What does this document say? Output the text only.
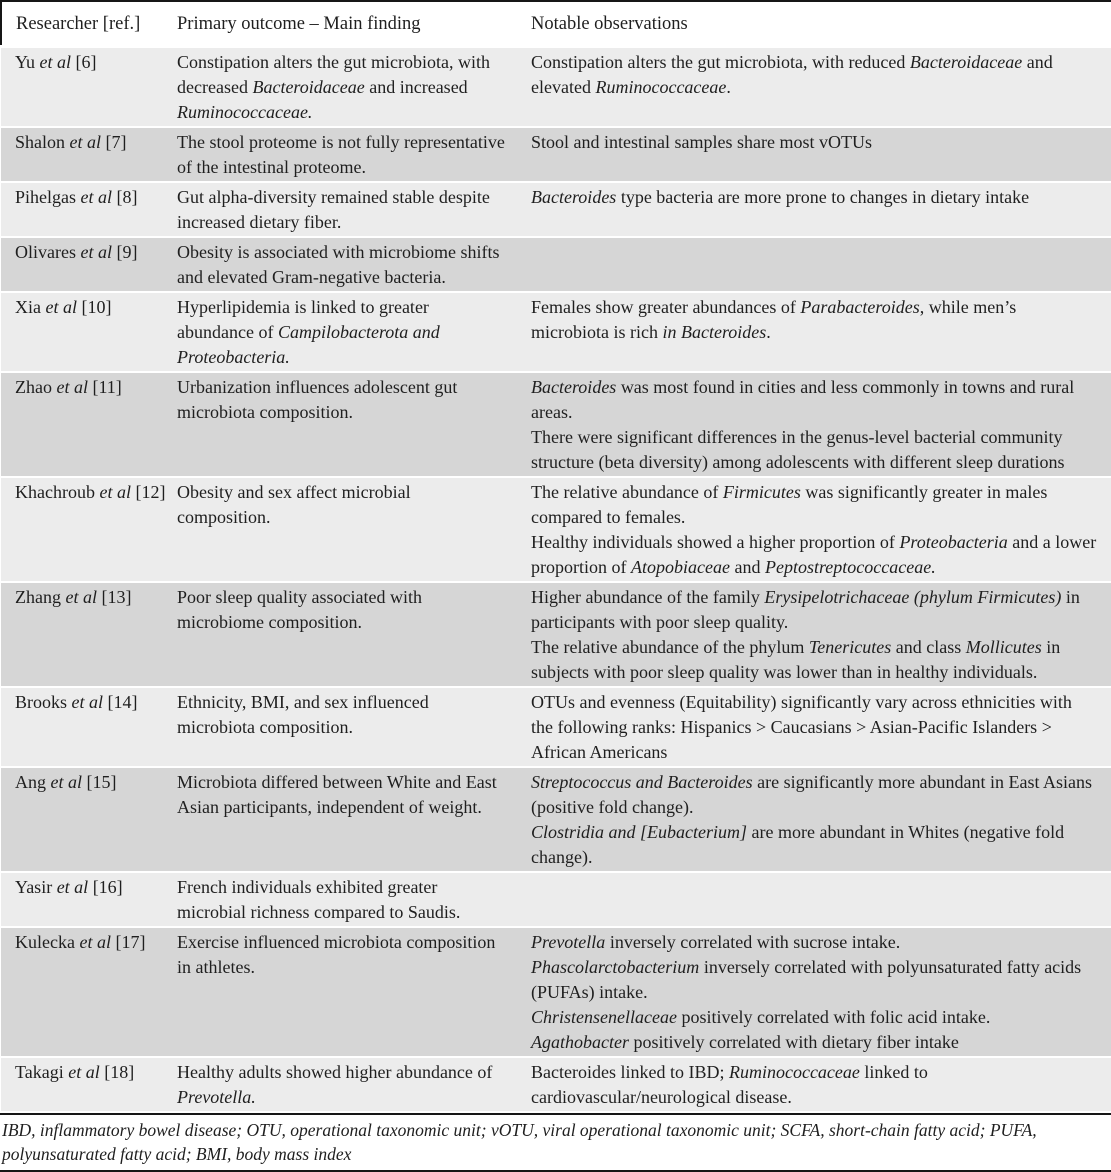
Researcher [ref.]	Primary outcome – Main finding	Notable observations

Yu et al [6]	Constipation alters the gut microbiota, with decreased Bacteroidaceae and increased Ruminococcaceae.	Constipation alters the gut microbiota, with reduced Bacteroidaceae and elevated Ruminococcaceae.

Shalon et al [7]	The stool proteome is not fully representative of the intestinal proteome.	Stool and intestinal samples share most vOTUs

Pihelgas et al [8]	Gut alpha-diversity remained stable despite increased dietary fiber.	Bacteroides type bacteria are more prone to changes in dietary intake

Olivares et al [9]	Obesity is associated with microbiome shifts and elevated Gram-negative bacteria.	

Xia et al [10]	Hyperlipidemia is linked to greater abundance of Campilobacterota and Proteobacteria.	Females show greater abundances of Parabacteroides, while men’s microbiota is rich in Bacteroides.

Zhao et al [11]	Urbanization influences adolescent gut microbiota composition.	Bacteroides was most found in cities and less commonly in towns and rural areas.
There were significant differences in the genus-level bacterial community structure (beta diversity) among adolescents with different sleep durations

Khachroub et al [12]	Obesity and sex affect microbial composition.	The relative abundance of Firmicutes was significantly greater in males compared to females.
Healthy individuals showed a higher proportion of Proteobacteria and a lower proportion of Atopobiaceae and Peptostreptococcaceae.

Zhang et al [13]	Poor sleep quality associated with microbiome composition.	Higher abundance of the family Erysipelotrichaceae (phylum Firmicutes) in participants with poor sleep quality.
The relative abundance of the phylum Tenericutes and class Mollicutes in subjects with poor sleep quality was lower than in healthy individuals.

Brooks et al [14]	Ethnicity, BMI, and sex influenced microbiota composition.	OTUs and evenness (Equitability) significantly vary across ethnicities with the following ranks: Hispanics > Caucasians > Asian-Pacific Islanders > African Americans

Ang et al [15]	Microbiota differed between White and East Asian participants, independent of weight.	Streptococcus and Bacteroides are significantly more abundant in East Asians (positive fold change).
Clostridia and [Eubacterium] are more abundant in Whites (negative fold change).

Yasir et al [16]	French individuals exhibited greater microbial richness compared to Saudis.	

Kulecka et al [17]	Exercise influenced microbiota composition in athletes.	Prevotella inversely correlated with sucrose intake.
Phascolarctobacterium inversely correlated with polyunsaturated fatty acids (PUFAs) intake.
Christensenellaceae positively correlated with folic acid intake.
Agathobacter positively correlated with dietary fiber intake

Takagi et al [18]	Healthy adults showed higher abundance of Prevotella.	Bacteroides linked to IBD; Ruminococcaceae linked to cardiovascular/neurological disease.
IBD, inflammatory bowel disease; OTU, operational taxonomic unit; vOTU, viral operational taxonomic unit; SCFA, short-chain fatty acid; PUFA, polyunsaturated fatty acid; BMI, body mass index
